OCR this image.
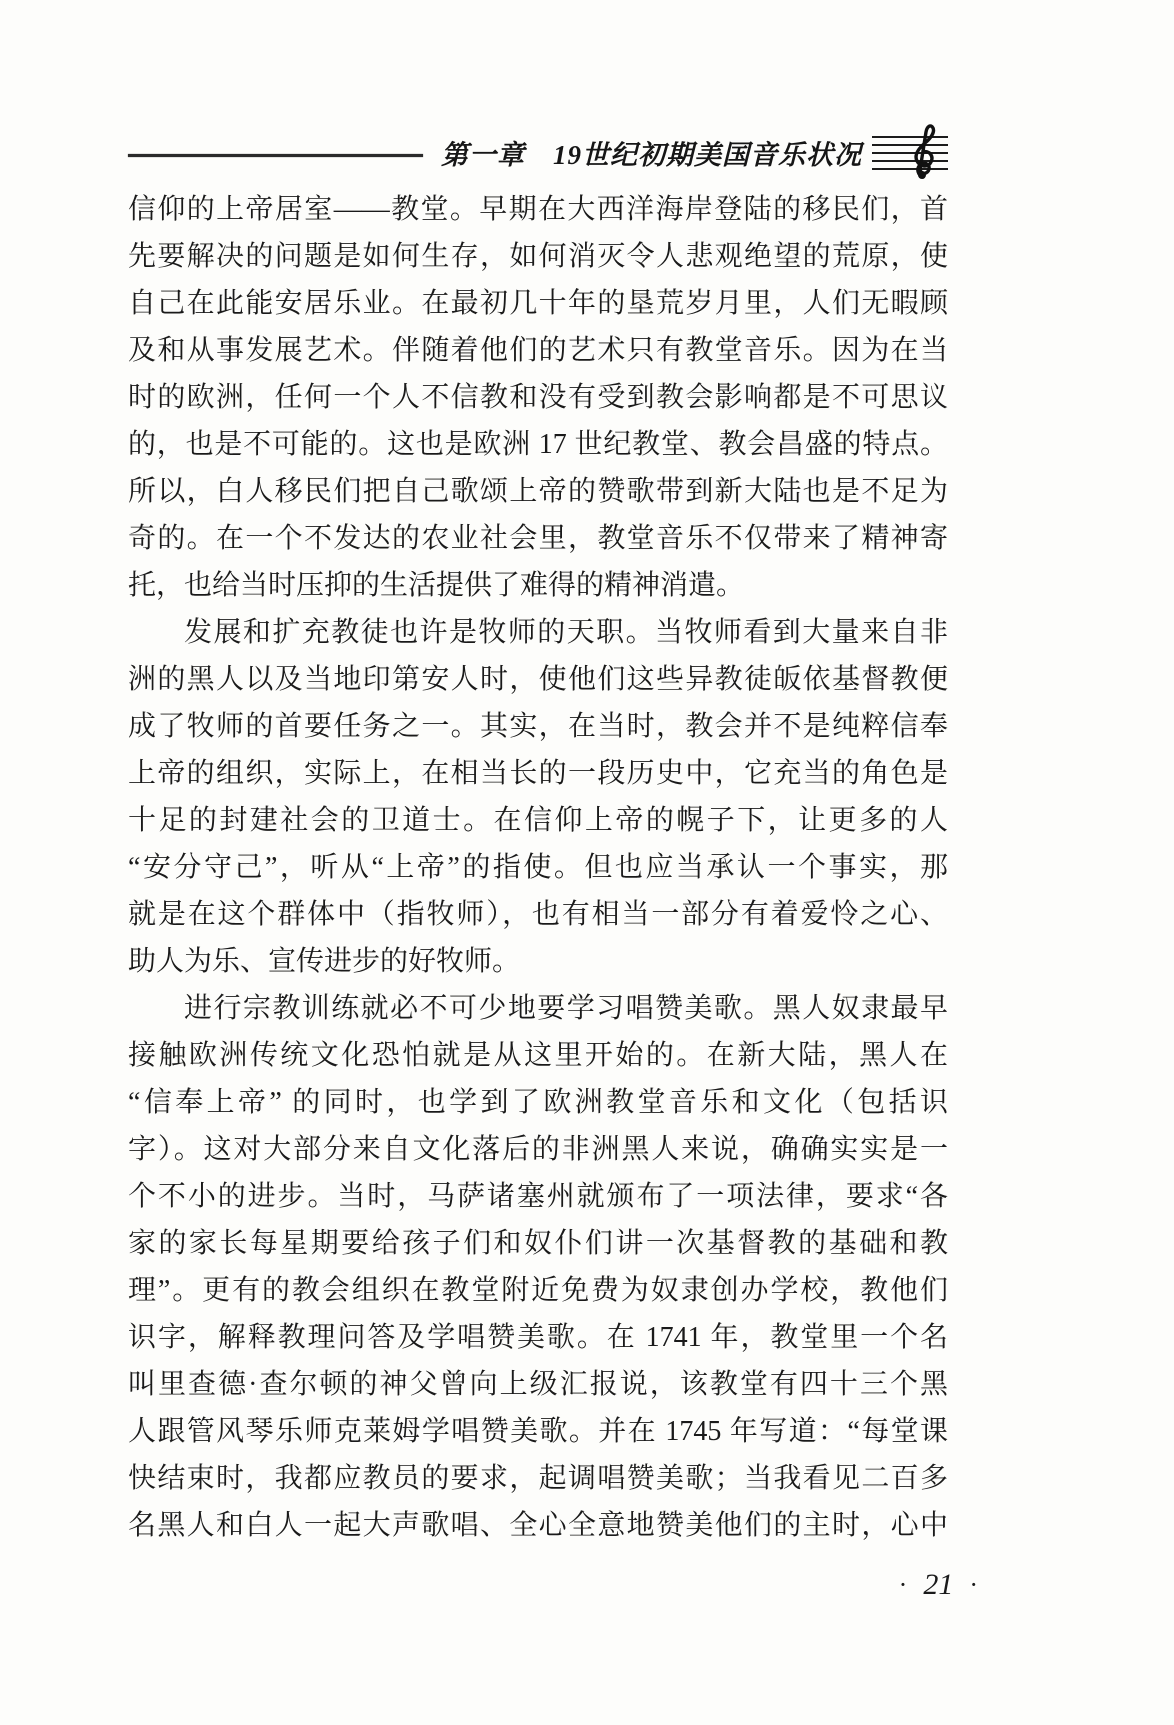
第一章　19世纪初期美国音乐状况
信仰的上帝居室——教堂。早期在大西洋海岸登陆的移民们，首
先要解决的问题是如何生存，如何消灭令人悲观绝望的荒原，使
自己在此能安居乐业。在最初几十年的垦荒岁月里，人们无暇顾
及和从事发展艺术。伴随着他们的艺术只有教堂音乐。因为在当
时的欧洲，任何一个人不信教和没有受到教会影响都是不可思议
的，也是不可能的。这也是欧洲 17 世纪教堂、教会昌盛的特点。
所以，白人移民们把自己歌颂上帝的赞歌带到新大陆也是不足为
奇的。在一个不发达的农业社会里，教堂音乐不仅带来了精神寄
托，也给当时压抑的生活提供了难得的精神消遣。
发展和扩充教徒也许是牧师的天职。当牧师看到大量来自非
洲的黑人以及当地印第安人时，使他们这些异教徒皈依基督教便
成了牧师的首要任务之一。其实，在当时，教会并不是纯粹信奉
上帝的组织，实际上，在相当长的一段历史中，它充当的角色是
十足的封建社会的卫道士。在信仰上帝的幌子下，让更多的人
“安分守己”，听从“上帝”的指使。但也应当承认一个事实，那
就是在这个群体中（指牧师），也有相当一部分有着爱怜之心、
助人为乐、宣传进步的好牧师。
进行宗教训练就必不可少地要学习唱赞美歌。黑人奴隶最早
接触欧洲传统文化恐怕就是从这里开始的。在新大陆，黑人在
“信奉上帝” 的同时，也学到了欧洲教堂音乐和文化（包括识
字）。这对大部分来自文化落后的非洲黑人来说，确确实实是一
个不小的进步。当时，马萨诸塞州就颁布了一项法律，要求“各
家的家长每星期要给孩子们和奴仆们讲一次基督教的基础和教
理”。更有的教会组织在教堂附近免费为奴隶创办学校，教他们
识字，解释教理问答及学唱赞美歌。在 1741 年，教堂里一个名
叫里查德·查尔顿的神父曾向上级汇报说，该教堂有四十三个黑
人跟管风琴乐师克莱姆学唱赞美歌。并在 1745 年写道：“每堂课
快结束时，我都应教员的要求，起调唱赞美歌；当我看见二百多
名黑人和白人一起大声歌唱、全心全意地赞美他们的主时，心中
· 21 ·
